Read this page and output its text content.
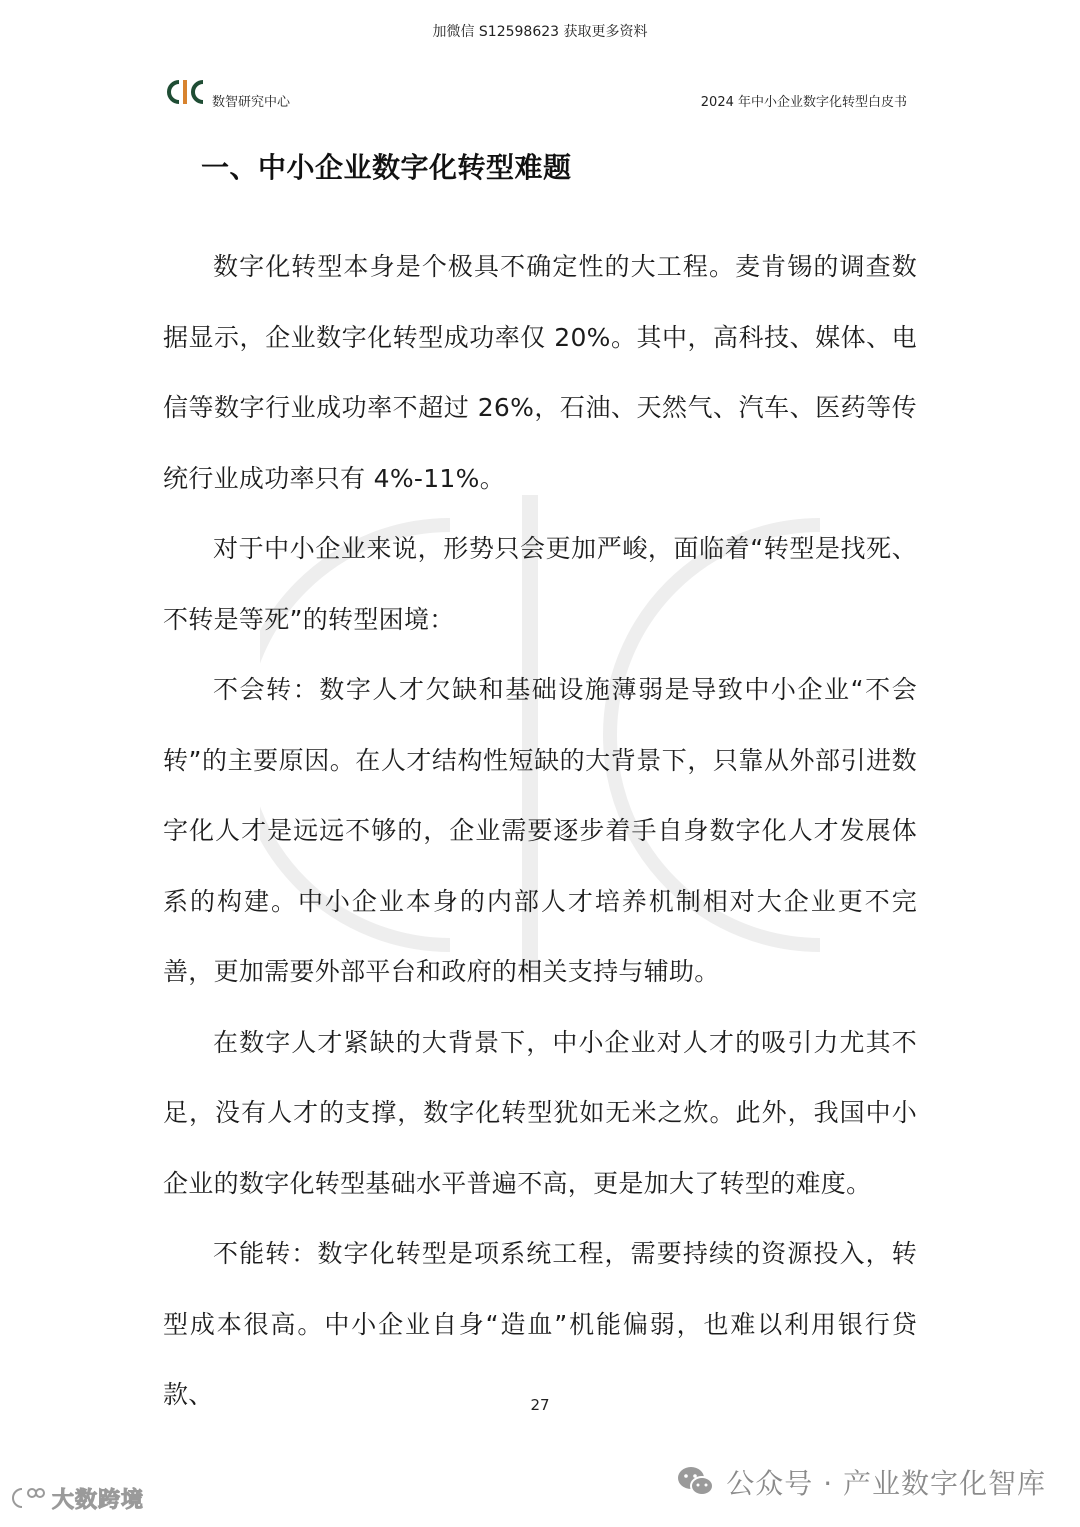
加微信 S12598623 获取更多资料
数智研究中心	2024 年中小企业数字化转型白皮书
一、中小企业数字化转型难题

数字化转型本身是个极具不确定性的大工程。麦肯锡的调查数据显示，企业数字化转型成功率仅 20%。其中，高科技、媒体、电信等数字行业成功率不超过 26%，石油、天然气、汽车、医药等传统行业成功率只有 4%-11%。

对于中小企业来说，形势只会更加严峻，面临着“转型是找死、不转是等死”的转型困境：

不会转：数字人才欠缺和基础设施薄弱是导致中小企业“不会转”的主要原因。在人才结构性短缺的大背景下，只靠从外部引进数字化人才是远远不够的，企业需要逐步着手自身数字化人才发展体系的构建。中小企业本身的内部人才培养机制相对大企业更不完善，更加需要外部平台和政府的相关支持与辅助。

在数字人才紧缺的大背景下，中小企业对人才的吸引力尤其不足，没有人才的支撑，数字化转型犹如无米之炊。此外，我国中小企业的数字化转型基础水平普遍不高，更是加大了转型的难度。

不能转：数字化转型是项系统工程，需要持续的资源投入，转型成本很高。中小企业自身“造血”机能偏弱，也难以利用银行贷款、	27
大数跨境	公众号 · 产业数字化智库
